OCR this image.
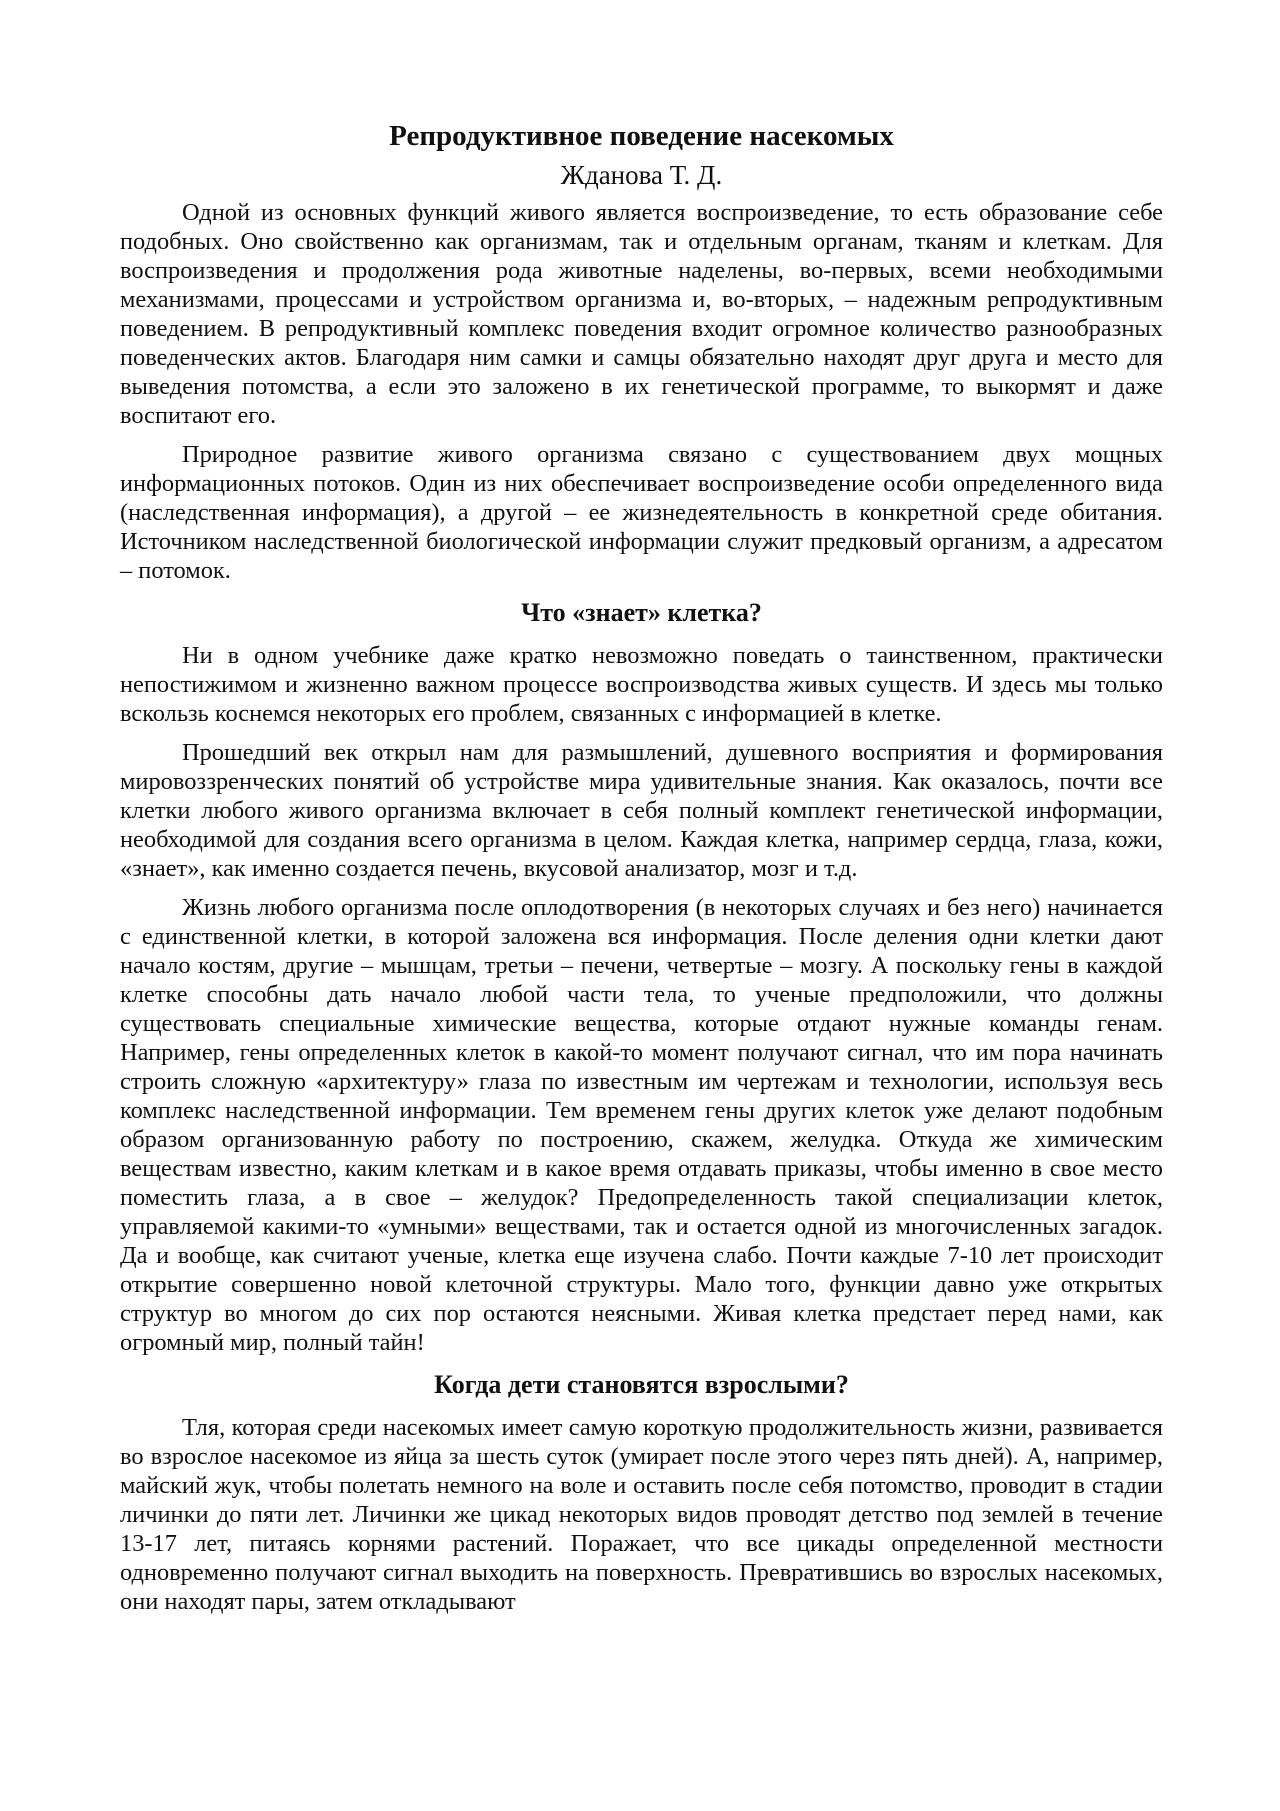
Репродуктивное поведение насекомых
Жданова Т. Д.

Одной из основных функций живого является воспроизведение, то есть образование себе подобных. Оно свойственно как организмам, так и отдельным органам, тканям и клеткам. Для воспроизведения и продолжения рода животные наделены, во-первых, всеми необходимыми механизмами, процессами и устройством организма и, во-вторых, – надежным репродуктивным поведением. В репродуктивный комплекс поведения входит огромное количество разнообразных поведенческих актов. Благодаря ним самки и самцы обязательно находят друг друга и место для выведения потомства, а если это заложено в их генетической программе, то выкормят и даже воспитают его.

Природное развитие живого организма связано с существованием двух мощных информационных потоков. Один из них обеспечивает воспроизведение особи определенного вида (наследственная информация), а другой – ее жизнедеятельность в конкретной среде обитания. Источником наследственной биологической информации служит предковый организм, а адресатом – потомок.

Что «знает» клетка?

Ни в одном учебнике даже кратко невозможно поведать о таинственном, практически непостижимом и жизненно важном процессе воспроизводства живых существ. И здесь мы только вскользь коснемся некоторых его проблем, связанных с информацией в клетке.

Прошедший век открыл нам для размышлений, душевного восприятия и формирования мировоззренческих понятий об устройстве мира удивительные знания. Как оказалось, почти все клетки любого живого организма включает в себя полный комплект генетической информации, необходимой для создания всего организма в целом. Каждая клетка, например сердца, глаза, кожи, «знает», как именно создается печень, вкусовой анализатор, мозг и т.д.

Жизнь любого организма после оплодотворения (в некоторых случаях и без него) начинается с единственной клетки, в которой заложена вся информация. После деления одни клетки дают начало костям, другие – мышцам, третьи – печени, четвертые – мозгу. А поскольку гены в каждой клетке способны дать начало любой части тела, то ученые предположили, что должны существовать специальные химические вещества, которые отдают нужные команды генам. Например, гены определенных клеток в какой-то момент получают сигнал, что им пора начинать строить сложную «архитектуру» глаза по известным им чертежам и технологии, используя весь комплекс наследственной информации. Тем временем гены других клеток уже делают подобным образом организованную работу по построению, скажем, желудка. Откуда же химическим веществам известно, каким клеткам и в какое время отдавать приказы, чтобы именно в свое место поместить глаза, а в свое – желудок? Предопределенность такой специализации клеток, управляемой какими-то «умными» веществами, так и остается одной из многочисленных загадок. Да и вообще, как считают ученые, клетка еще изучена слабо. Почти каждые 7-10 лет происходит открытие совершенно новой клеточной структуры. Мало того, функции давно уже открытых структур во многом до сих пор остаются неясными. Живая клетка предстает перед нами, как огромный мир, полный тайн!

Когда дети становятся взрослыми?

Тля, которая среди насекомых имеет самую короткую продолжительность жизни, развивается во взрослое насекомое из яйца за шесть суток (умирает после этого через пять дней). А, например, майский жук, чтобы полетать немного на воле и оставить после себя потомство, проводит в стадии личинки до пяти лет. Личинки же цикад некоторых видов проводят детство под землей в течение 13-17 лет, питаясь корнями растений. Поражает, что все цикады определенной местности одновременно получают сигнал выходить на поверхность. Превратившись во взрослых насекомых, они находят пары, затем откладывают
